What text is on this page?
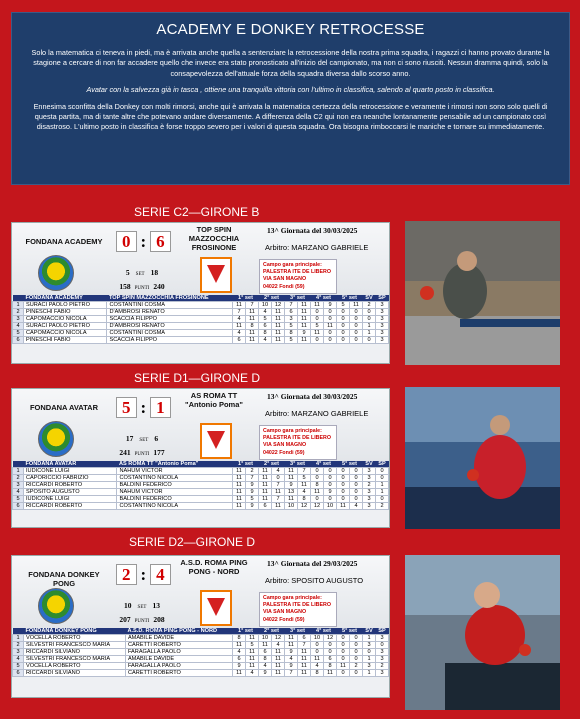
ACADEMY E DONKEY RETROCESSE

Solo la matematica ci teneva in piedi, ma è arrivata anche quella a sentenziare la retrocessione della nostra prima squadra, i ragazzi ci hanno provato durante la stagione a cercare di non far accadere quello che invece era stato pronosticato all'inizio del campionato, ma non ci sono riusciti. Nessun dramma quindi, solo la consapevolezza dell'attuale forza della squadra diversa dallo scorso anno.

Avatar con la salvezza già in tasca , ottiene una tranquilla vittoria con l'ultimo in classifica, salendo al quarto posto in classifica.

Ennesima sconfitta della Donkey con molti rimorsi, anche qui è arrivata la matematica certezza della retrocessione e veramente i rimorsi non sono solo quelli di questa partita, ma di tante altre che potevano andare diversamente. A differenza della C2 qui non era neanche lontanamente pensabile ad un campionato così disastroso. L'ultimo posto in classifica è forse troppo severo per i valori di questa squadra. Ora bisogna rimboccarsi le maniche e tornare su immediatamente.

SERIE C2—GIRONE B
SERIE D1—GIRONE D
SERIE D2—GIRONE D
FONDANA ACADEMY	0 : 6
5 SET 18
158 PUNTI 240
TOP SPIN MAZZOCCHIA FROSINONE
13^ Giornata del 30/03/2025
Arbitro: MARZANO GABRIELE
Campo gara principale:
PALESTRA ITE DE LIBERO
VIA SAN MAGNO
04022 Fondi (59)
	FONDANA ACADEMY	TOP SPIN MAZZOCCHIA FROSINONE	1° set		2° set		3° set		4° set		5° set		SV	SP
1	SURACI PAOLO PIETRO	COSTANTINI COSMA	11	7	10	12	7	11	11	9	5	11	2	3
2	PINESCHI FABIO	D'AMBROSI RENATO	7	11	4	11	6	11	0	0	0	0	0	3
3	CAPOMACCIO NICOLA	SCACCIA FILIPPO	4	11	5	11	3	11	0	0	0	0	0	3
4	SURACI PAOLO PIETRO	D'AMBROSI RENATO	11	8	6	11	5	11	5	11	0	0	1	3
5	CAPOMACCIO NICOLA	COSTANTINI COSMA	4	11	8	11	8	9	11	0	0	0	1	3
6	PINESCHI FABIO	SCACCIA FILIPPO	6	11	4	11	5	11	0	0	0	0	0	3
FONDANA AVATAR	5 : 1
17 SET 6
241 PUNTI 177
AS ROMA TT "Antonio Poma"
13^ Giornata del 30/03/2025
Arbitro: MARZANO GABRIELE
Campo gara principale:
PALESTRA ITE DE LIBERO
VIA SAN MAGNO
04022 Fondi (59)
	FONDANA AVATAR	AS ROMA TT "Antonio Poma"	1° set		2° set		3° set		4° set		5° set		SV	SP
1	IUDICONE LUIGI	NAHUM VICTOR	11	2	11	4	11	7	0	0	0	0	3	0
2	CAPORICCIO FABRIZIO	COSTANTINO NICOLA	11	7	11	0	11	5	0	0	0	0	3	0
3	RICCARDI ROBERTO	BALDINI FEDERICO	11	9	11	7	9	11	8	0	0	0	2	1
4	SPOSITO AUGUSTO	NAHUM VICTOR	11	9	11	11	13	4	11	9	0	0	3	1
5	IUDICONE LUIGI	BALDINI FEDERICO	11	5	11	7	11	8	0	0	0	0	3	0
6	RICCARDI ROBERTO	COSTANTINO NICOLA	11	9	6	11	10	12	12	10	11	4	3	2
FONDANA DONKEY PONG	2 : 4
10 SET 13
207 PUNTI 208
A.S.D. ROMA PING PONG - NORD
13^ Giornata del 29/03/2025
Arbitro: SPOSITO AUGUSTO
Campo gara principale:
PALESTRA ITE DE LIBERO
VIA SAN MAGNO
04022 Fondi (59)
	FONDANA DONKEY PONG	A.S.D. ROMA PING PONG - NORD	1° set		2° set		3° set		4° set		5° set		SV	SP
1	VOCELLA ROBERTO	AMABILE DAVIDE	8	11	10	12	11	6	10	12	0	0	1	3
2	SILVESTRI FRANCESCO MARIA	CARETTI ROBERTO	11	5	11	4	11	7	0	0	0	0	3	0
3	RICCARDI SILVIANO	FARAGALLA PAOLO	4	11	6	11	9	11	0	0	0	0	0	3
4	SILVESTRI FRANCESCO MARIA	AMABILE DAVIDE	6	11	8	11	4	11	11	6	0	0	1	3
5	VOCELLA ROBERTO	FARAGALLA PAOLO	9	11	4	11	9	11	4	8	11	2	3	2
6	RICCARDI SILVIANO	CARETTI ROBERTO	11	4	9	11	7	11	8	11	0	0	1	3
